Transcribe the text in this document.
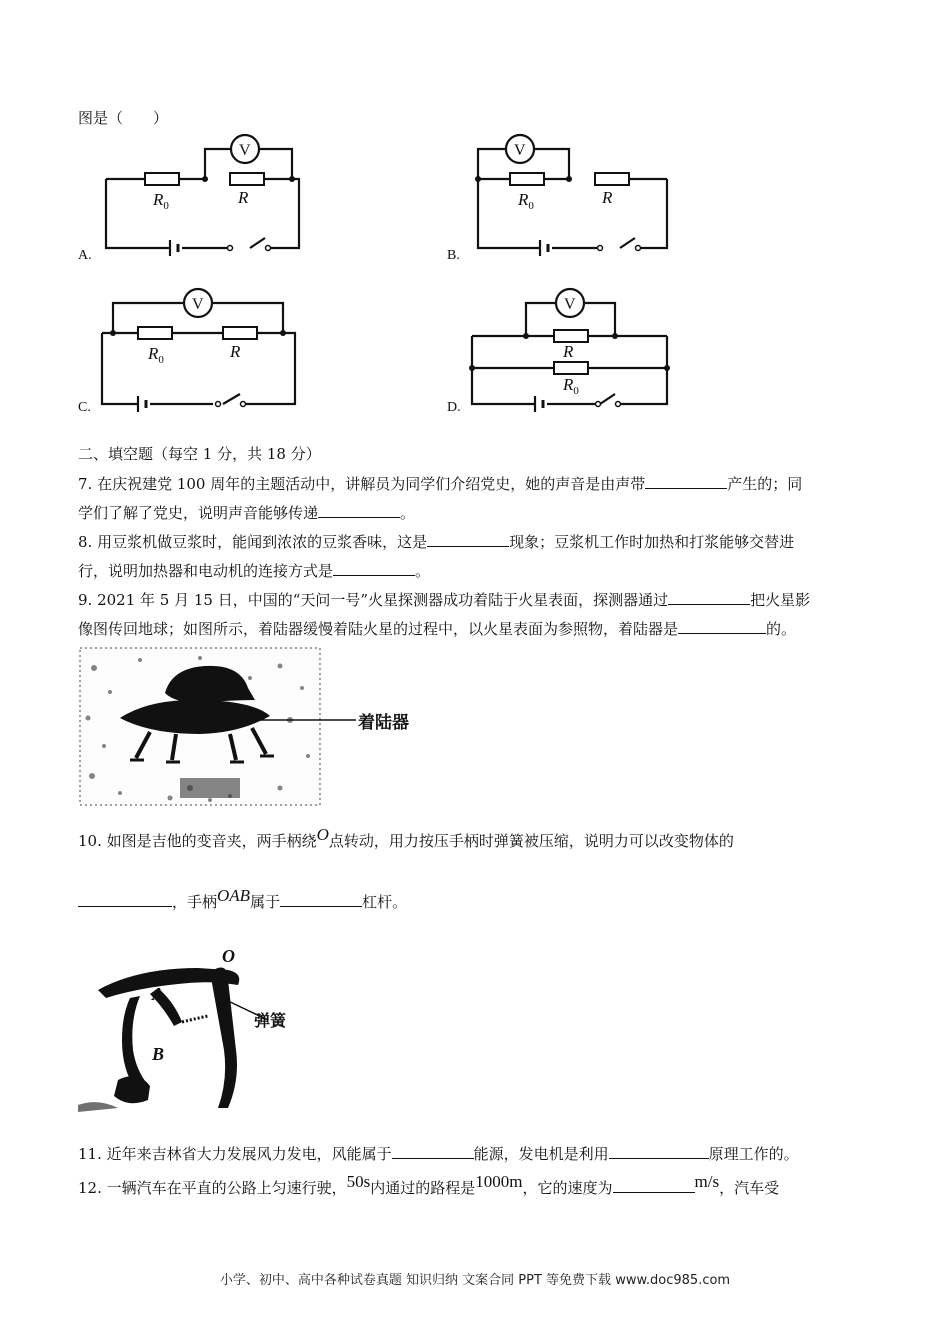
图是（　　）
V
$R_0$	R
A.
V
$R_0$	R
B.
V
$R_0$	R
C.
V
R
$R_0$
D.
二、填空题（每空 1 分，共 18 分）
7. 在庆祝建党 100 周年的主题活动中，讲解员为同学们介绍党史，她的声音是由声带	产生的；同
学们了解了党史，说明声音能够传递	。
8. 用豆浆机做豆浆时，能闻到浓浓的豆浆香味，这是	现象；豆浆机工作时加热和打浆能够交替进
行，说明加热器和电动机的连接方式是	。
9. 2021 年 5 月 15 日，中国的“天问一号”火星探测器成功着陆于火星表面，探测器通过	把火星影
像图传回地球；如图所示，着陆器缓慢着陆火星的过程中，以火星表面为参照物，着陆器是	的。
着陆器
10. 如图是吉他的变音夹，两手柄绕O点转动，用力按压手柄时弹簧被压缩，说明力可以改变物体的
，手柄OAB属于	杠杆。
O
A
B
弹簧
11. 近年来吉林省大力发展风力发电，风能属于	能源，发电机是利用	原理工作的。
12. 一辆汽车在平直的公路上匀速行驶，50s内通过的路程是1000m，它的速度为	m/s，汽车受
小学、初中、高中各种试卷真题 知识归纳 文案合同 PPT 等免费下载 www.doc985.com
